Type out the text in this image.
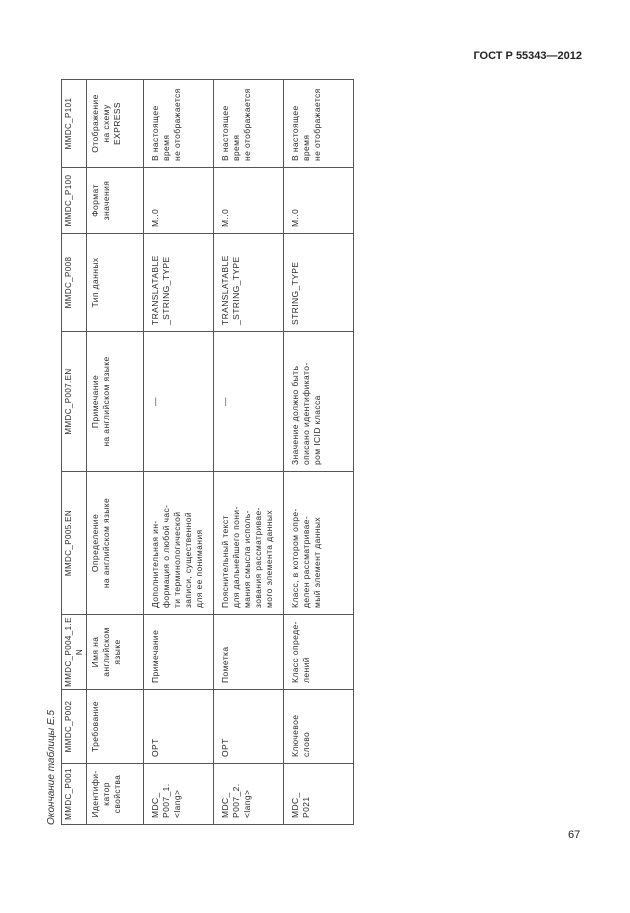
ГОСТ Р 55343—2012
Окончание таблицы Е.5 MMDC_P001	MMDC_P002	MMDC_P004_1.EN	MMDC_P005.EN	MMDC_P007.EN	MMDC_P008	MMDC_P100	MMDC_P101
Идентифи-
катор
свойства	Требование	Имя на
английском
языке	Определение
на английском языке	Примечание
на английском языке	Тип данных	Формат
значения	Отображение
на схему
EXPRESS
MDC_
P007_1.
<lang>	OPT	Примечание	Дополнительная ин-
формация о любой час-
ти терминологической
записи, существенной
для ее понимания	—	TRANSLATABLE
_STRING_TYPE	M..0	В настоящее
время
не отображается
MDC_
P007_2.
<lang>	OPT	Пометка	Пояснительный текст
для дальнейшего пони-
мания смысла исполь-
зования рассматривае-
мого элемента данных	—	TRANSLATABLE
_STRING_TYPE	M..0	В настоящее
время
не отображается
MDC_
P021	Ключевое
слово	Класс опреде-
лений	Класс, в котором опре-
делен рассматривае-
мый элемент данных	Значение должно быть
описано идентификато-
ром ICID класса	STRING_TYPE	M..0	В настоящее
время
не отображается
67
